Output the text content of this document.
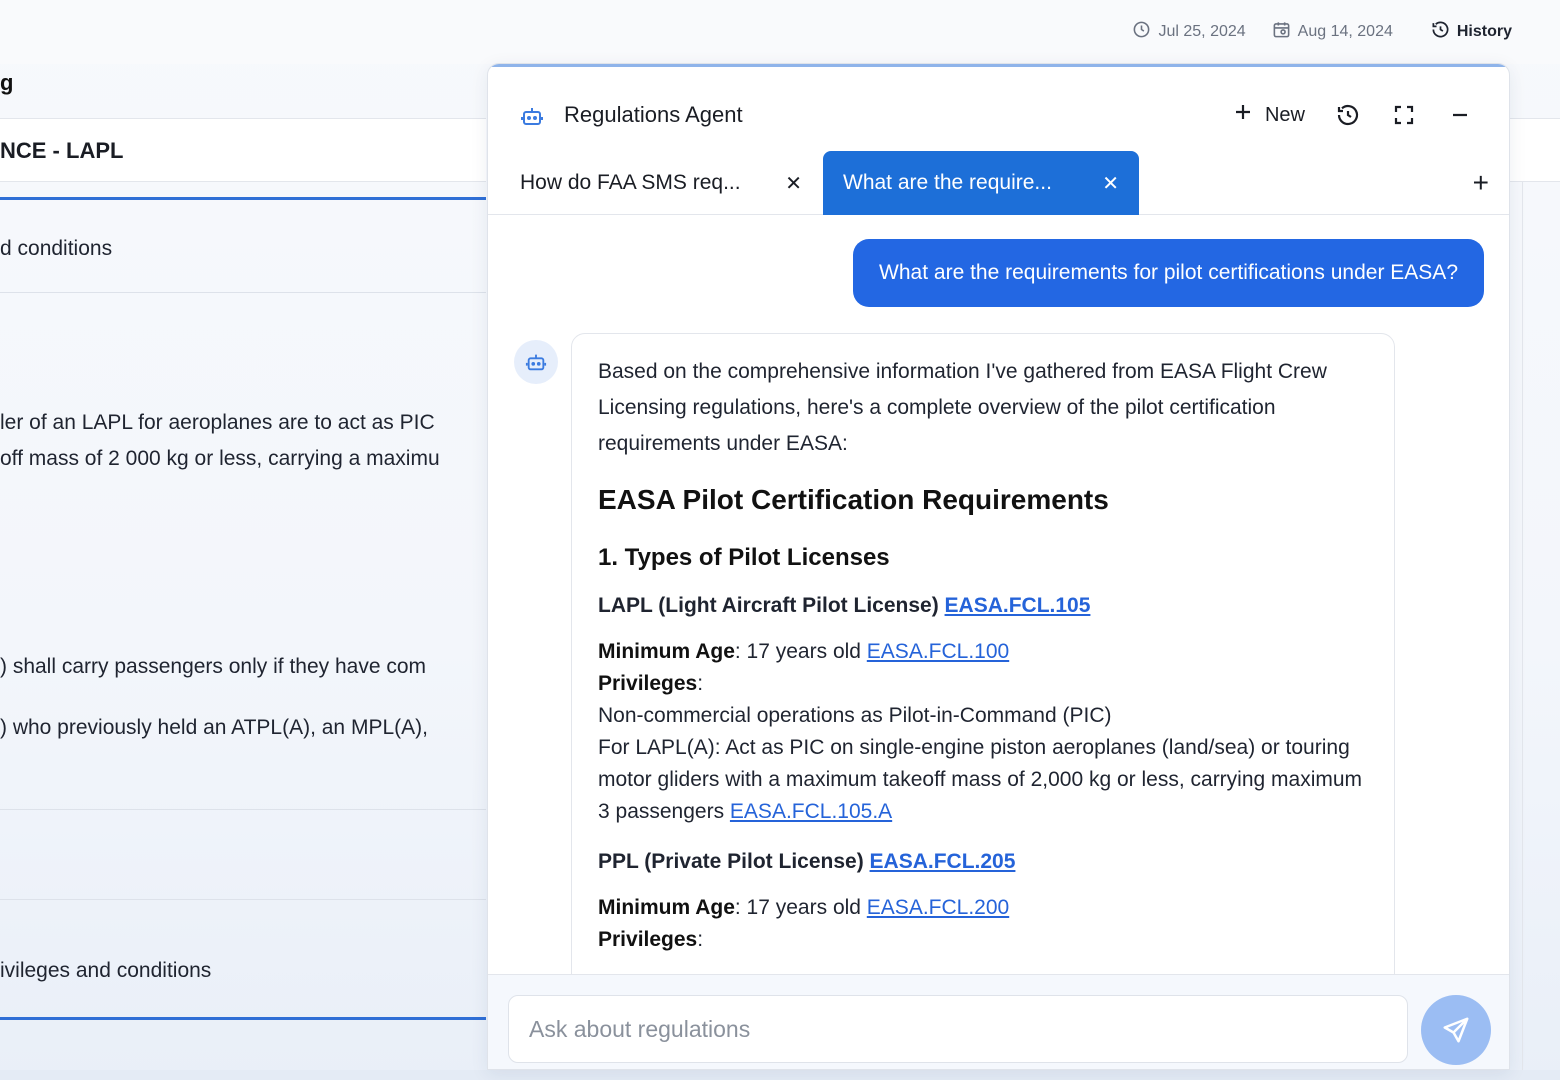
Jul 25, 2024	Aug 14, 2024	History
g
NCE - LAPL
d conditions
ler of an LAPL for aeroplanes are to act as PIC
off mass of 2 000 kg or less, carrying a maximu
) shall carry passengers only if they have com
) who previously held an ATPL(A), an MPL(A),
ivileges and conditions
Regulations Agent	New
How do FAA SMS req... ✕ What are the require...	✕	+
What are the requirements for pilot certifications under EASA?

Based on the comprehensive information I've gathered from EASA Flight Crew Licensing regulations, here's a complete overview of the pilot certification requirements under EASA:

EASA Pilot Certification Requirements
1. Types of Pilot Licenses

LAPL (Light Aircraft Pilot License) EASA.FCL.105

Minimum Age: 17 years old EASA.FCL.100
Privileges:
Non-commercial operations as Pilot-in-Command (PIC)
For LAPL(A): Act as PIC on single-engine piston aeroplanes (land/sea) or touring motor gliders with a maximum takeoff mass of 2,000 kg or less, carrying maximum 3 passengers EASA.FCL.105.A

PPL (Private Pilot License) EASA.FCL.205

Minimum Age: 17 years old EASA.FCL.200
Privileges:
Ask about regulations
